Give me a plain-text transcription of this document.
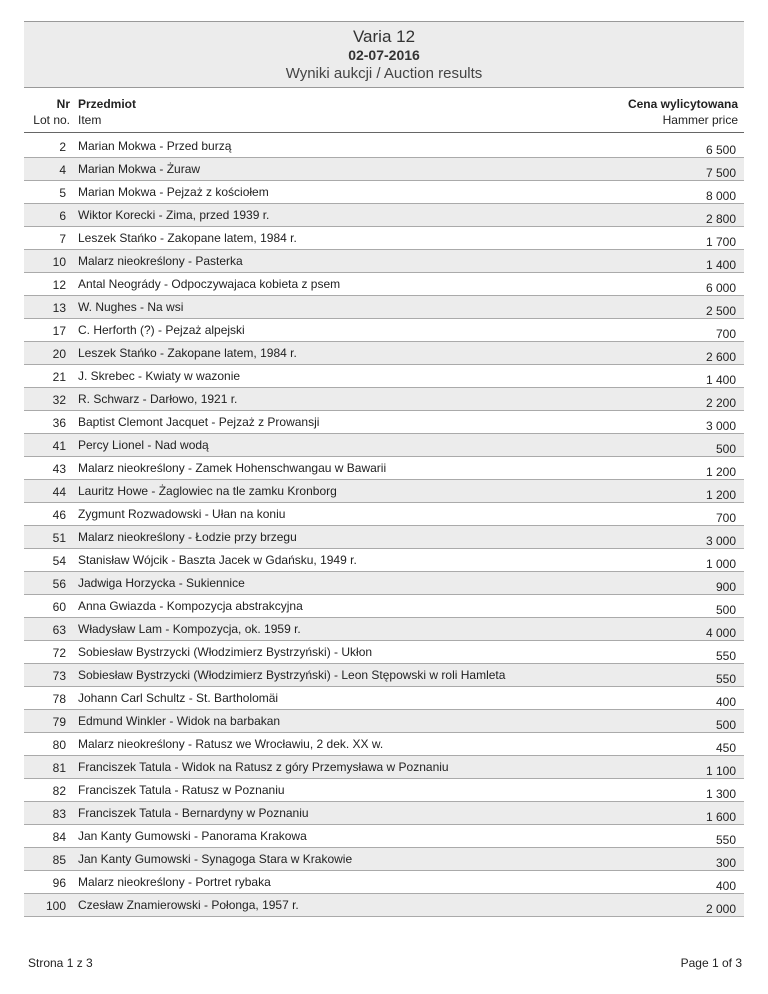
Varia 12
02-07-2016
Wyniki aukcji / Auction results
Nr
Lot no.
Przedmiot
Item
Cena wylicytowana
Hammer price
2 Marian Mokwa - Przed burzą	6 500
4 Marian Mokwa - Żuraw	7 500
5 Marian Mokwa - Pejzaż z kościołem	8 000
6 Wiktor Korecki - Zima, przed 1939 r.	2 800
7 Leszek Stańko - Zakopane latem, 1984 r.	1 700
10 Malarz nieokreślony - Pasterka	1 400
12 Antal Neogrády - Odpoczywajaca kobieta z psem	6 000
13 W. Nughes - Na wsi	2 500
17 C. Herforth (?) - Pejzaż alpejski	700
20 Leszek Stańko - Zakopane latem, 1984 r.	2 600
21 J. Skrebec - Kwiaty w wazonie	1 400
32 R. Schwarz - Darłowo, 1921 r.	2 200
36 Baptist Clemont Jacquet - Pejzaż z Prowansji	3 000
41 Percy Lionel - Nad wodą	500
43 Malarz nieokreślony - Zamek Hohenschwangau w Bawarii	1 200
44 Lauritz Howe - Żaglowiec na tle zamku Kronborg	1 200
46 Zygmunt Rozwadowski - Ułan na koniu	700
51 Malarz nieokreślony - Łodzie przy brzegu	3 000
54 Stanisław Wójcik - Baszta Jacek w Gdańsku, 1949 r.	1 000
56 Jadwiga Horzycka - Sukiennice	900
60 Anna Gwiazda - Kompozycja abstrakcyjna	500
63 Władysław Lam - Kompozycja, ok. 1959 r.	4 000
72 Sobiesław Bystrzycki (Włodzimierz Bystrzyński) - Ukłon	550
73 Sobiesław Bystrzycki (Włodzimierz Bystrzyński) - Leon Stępowski w roli Hamleta	550
78 Johann Carl Schultz - St. Bartholomäi	400
79 Edmund Winkler - Widok na barbakan	500
80 Malarz nieokreślony - Ratusz we Wrocławiu, 2 dek. XX w.	450
81 Franciszek Tatula - Widok na Ratusz z góry Przemysława w Poznaniu	1 100
82 Franciszek Tatula - Ratusz w Poznaniu	1 300
83 Franciszek Tatula - Bernardyny w Poznaniu	1 600
84 Jan Kanty Gumowski - Panorama Krakowa	550
85 Jan Kanty Gumowski - Synagoga Stara w Krakowie	300
96 Malarz nieokreślony - Portret rybaka	400
100 Czesław Znamierowski - Połonga, 1957 r.	2 000
Strona 1 z 3	Page 1 of 3
